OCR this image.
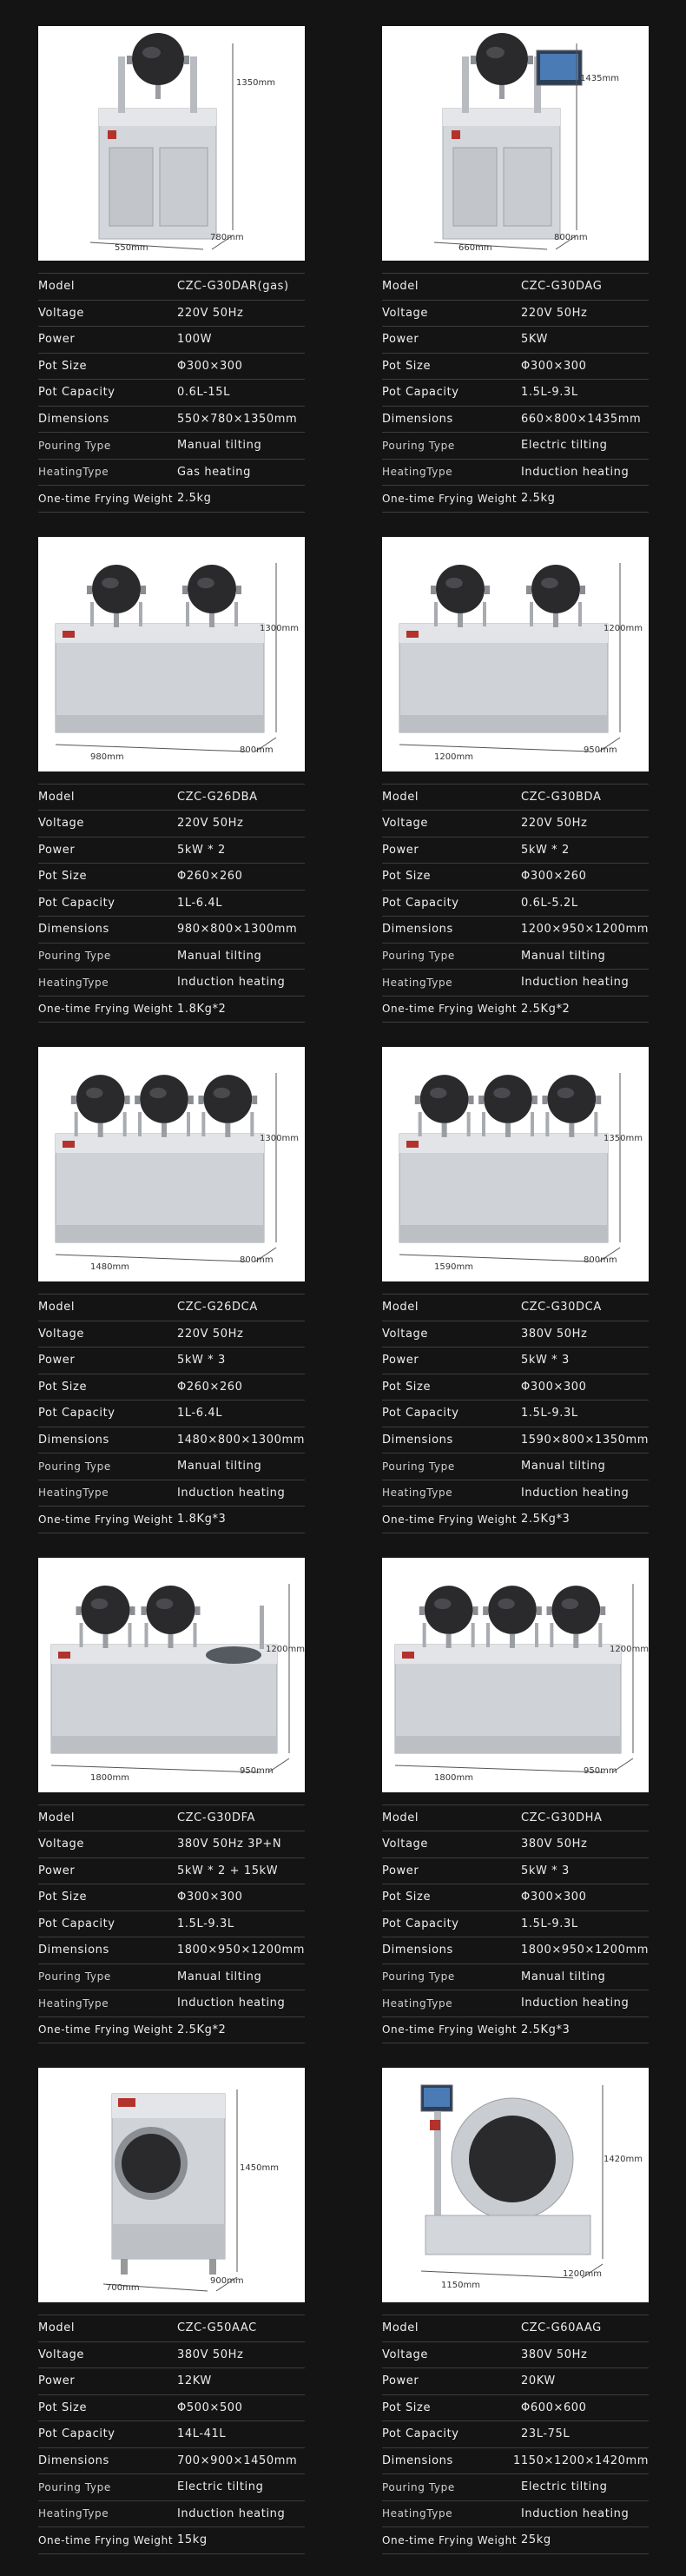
1350mm
780mm
550mm
Model	CZC-G30DAR(gas)
Voltage	220V 50Hz
Power	100W
Pot Size	Φ300×300
Pot Capacity	0.6L-15L
Dimensions	550×780×1350mm
Pouring Type	Manual tilting
HeatingType	Gas heating
One-time Frying Weight 2.5kg
1435mm
800mm
660mm
Model	CZC-G30DAG
Voltage	220V 50Hz
Power	5KW
Pot Size	Φ300×300
Pot Capacity	1.5L-9.3L
Dimensions	660×800×1435mm
Pouring Type	Electric tilting
HeatingType	Induction heating
One-time Frying Weight 2.5kg
1300mm
800mm
980mm
Model	CZC-G26DBA
Voltage	220V 50Hz
Power	5kW * 2
Pot Size	Φ260×260
Pot Capacity	1L-6.4L
Dimensions	980×800×1300mm
Pouring Type	Manual tilting
HeatingType	Induction heating
One-time Frying Weight 1.8Kg*2
1200mm
950mm
1200mm
Model	CZC-G30BDA
Voltage	220V 50Hz
Power	5kW * 2
Pot Size	Φ300×260
Pot Capacity	0.6L-5.2L
Dimensions	1200×950×1200mm
Pouring Type	Manual tilting
HeatingType	Induction heating
One-time Frying Weight 2.5Kg*2
1300mm
800mm
1480mm
Model	CZC-G26DCA
Voltage	220V 50Hz
Power	5kW * 3
Pot Size	Φ260×260
Pot Capacity	1L-6.4L
Dimensions	1480×800×1300mm
Pouring Type	Manual tilting
HeatingType	Induction heating
One-time Frying Weight 1.8Kg*3
1350mm
800mm
1590mm
Model	CZC-G30DCA
Voltage	380V 50Hz
Power	5kW * 3
Pot Size	Φ300×300
Pot Capacity	1.5L-9.3L
Dimensions	1590×800×1350mm
Pouring Type	Manual tilting
HeatingType	Induction heating
One-time Frying Weight 2.5Kg*3
1200mm
950mm
1800mm
Model	CZC-G30DFA
Voltage	380V 50Hz 3P+N
Power	5kW * 2 + 15kW
Pot Size	Φ300×300
Pot Capacity	1.5L-9.3L
Dimensions	1800×950×1200mm
Pouring Type	Manual tilting
HeatingType	Induction heating
One-time Frying Weight 2.5Kg*2
1200mm
950mm
1800mm
Model	CZC-G30DHA
Voltage	380V 50Hz
Power	5kW * 3
Pot Size	Φ300×300
Pot Capacity	1.5L-9.3L
Dimensions	1800×950×1200mm
Pouring Type	Manual tilting
HeatingType	Induction heating
One-time Frying Weight 2.5Kg*3
1450mm
900mm
700mm
Model	CZC-G50AAC
Voltage	380V 50Hz
Power	12KW
Pot Size	Φ500×500
Pot Capacity	14L-41L
Dimensions	700×900×1450mm
Pouring Type	Electric tilting
HeatingType	Induction heating
One-time Frying Weight 15kg
1420mm
1200mm
1150mm
Model	CZC-G60AAG
Voltage	380V 50Hz
Power	20KW
Pot Size	Φ600×600
Pot Capacity	23L-75L
Dimensions	1150×1200×1420mm
Pouring Type	Electric tilting
HeatingType	Induction heating
One-time Frying Weight 25kg
